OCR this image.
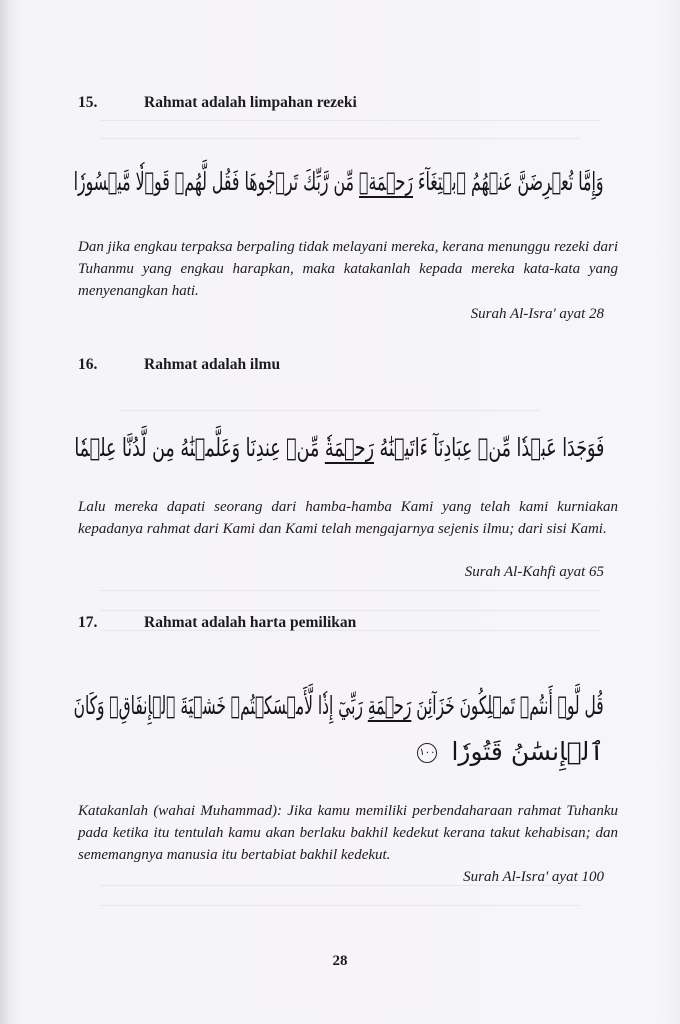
15.	Rahmat adalah limpahan rezeki
وَإِمَّا تُعۡرِضَنَّ عَنۡهُمُ ٱبۡتِغَآءَ رَحۡمَةٖ مِّن رَّبِّكَ تَرۡجُوهَا فَقُل لَّهُمۡ قَوۡلٗا مَّيۡسُورٗا
Dan jika engkau terpaksa berpaling tidak melayani mereka, kerana menunggu rezeki dari Tuhanmu yang engkau harapkan, maka katakanlah kepada mereka kata-kata yang menyenangkan hati.
Surah Al-Isra' ayat 28
16.	Rahmat adalah ilmu
فَوَجَدَا عَبۡدٗا مِّنۡ عِبَادِنَآ ءَاتَيۡنَٰهُ رَحۡمَةٗ مِّنۡ عِندِنَا وَعَلَّمۡنَٰهُ مِن لَّدُنَّا عِلۡمٗا
Lalu mereka dapati seorang dari hamba-hamba Kami yang telah kami kurniakan kepadanya rahmat dari Kami dan Kami telah mengajarnya sejenis ilmu; dari sisi Kami.
Surah Al-Kahfi ayat 65
17.	Rahmat adalah harta pemilikan
قُل لَّوۡ أَنتُمۡ تَمۡلِكُونَ خَزَآئِنَ رَحۡمَةِ رَبِّيٓ إِذٗا لَّأَمۡسَكۡتُمۡ خَشۡيَةَ ٱلۡإِنفَاقِۚ وَكَانَ
ٱلۡإِنسَٰنُ قَتُورٗا ١٠٠
Katakanlah (wahai Muhammad): Jika kamu memiliki perbendaharaan rahmat Tuhanku pada ketika itu tentulah kamu akan berlaku bakhil kedekut kerana takut kehabisan; dan sememangnya manusia itu bertabiat bakhil kedekut.
Surah Al-Isra' ayat 100
28
